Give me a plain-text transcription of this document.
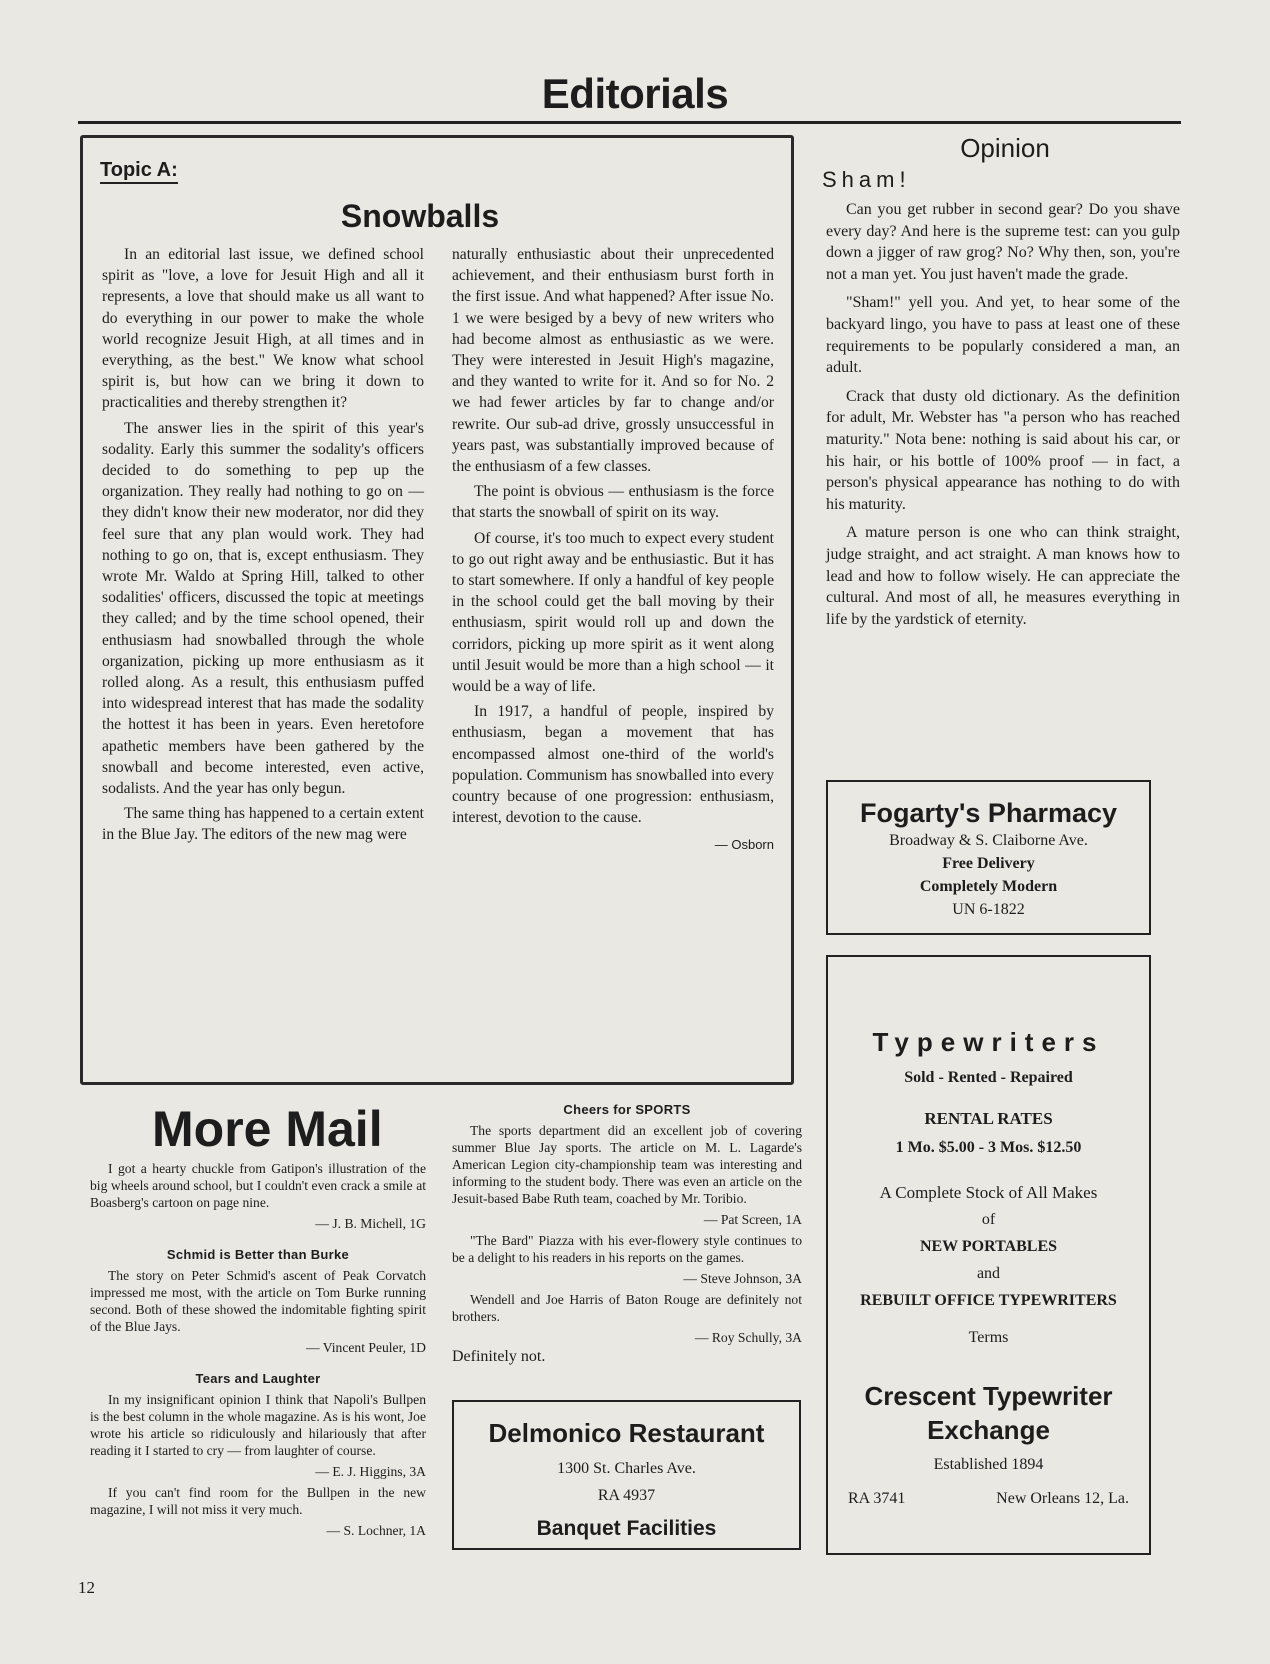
Editorials
Topic A:
Snowballs

In an editorial last issue, we defined school spirit as "love, a love for Jesuit High and all it represents, a love that should make us all want to do everything in our power to make the whole world recognize Jesuit High, at all times and in everything, as the best." We know what school spirit is, but how can we bring it down to practicalities and thereby strengthen it?

The answer lies in the spirit of this year's sodality. Early this summer the sodality's officers decided to do something to pep up the organization. They really had nothing to go on — they didn't know their new moderator, nor did they feel sure that any plan would work. They had nothing to go on, that is, except enthusiasm. They wrote Mr. Waldo at Spring Hill, talked to other sodalities' officers, discussed the topic at meetings they called; and by the time school opened, their enthusiasm had snowballed through the whole organization, picking up more enthusiasm as it rolled along. As a result, this enthusiasm puffed into widespread interest that has made the sodality the hottest it has been in years. Even heretofore apathetic members have been gathered by the snowball and become interested, even active, sodalists. And the year has only begun.

The same thing has happened to a certain extent in the Blue Jay. The editors of the new mag were

naturally enthusiastic about their unprecedented achievement, and their enthusiasm burst forth in the first issue. And what happened? After issue No. 1 we were besiged by a bevy of new writers who had become almost as enthusiastic as we were. They were interested in Jesuit High's magazine, and they wanted to write for it. And so for No. 2 we had fewer articles by far to change and/or rewrite. Our sub-ad drive, grossly unsuccessful in years past, was substantially improved because of the enthusiasm of a few classes.

The point is obvious — enthusiasm is the force that starts the snowball of spirit on its way.

Of course, it's too much to expect every student to go out right away and be enthusiastic. But it has to start somewhere. If only a handful of key people in the school could get the ball moving by their enthusiasm, spirit would roll up and down the corridors, picking up more spirit as it went along until Jesuit would be more than a high school — it would be a way of life.

In 1917, a handful of people, inspired by enthusiasm, began a movement that has encompassed almost one-third of the world's population. Communism has snowballed into every country because of one progression: enthusiasm, interest, devotion to the cause.

— Osborn
Opinion
Sham!

Can you get rubber in second gear? Do you shave every day? And here is the supreme test: can you gulp down a jigger of raw grog? No? Why then, son, you're not a man yet. You just haven't made the grade.

"Sham!" yell you. And yet, to hear some of the backyard lingo, you have to pass at least one of these requirements to be popularly considered a man, an adult.

Crack that dusty old dictionary. As the definition for adult, Mr. Webster has "a person who has reached maturity." Nota bene: nothing is said about his car, or his hair, or his bottle of 100% proof — in fact, a person's physical appearance has nothing to do with his maturity.

A mature person is one who can think straight, judge straight, and act straight. A man knows how to lead and how to follow wisely. He can appreciate the cultural. And most of all, he measures everything in life by the yardstick of eternity.

Fogarty's Pharmacy
Broadway & S. Claiborne Ave.
Free Delivery
Completely Modern
UN 6-1822
Typewriters
Sold - Rented - Repaired
RENTAL RATES
1 Mo. $5.00 - 3 Mos. $12.50
A Complete Stock of All Makes
of
NEW PORTABLES
and
REBUILT OFFICE TYPEWRITERS
Terms
Crescent Typewriter Exchange
Established 1894
RA 3741	New Orleans 12, La.
More Mail

I got a hearty chuckle from Gatipon's illustration of the big wheels around school, but I couldn't even crack a smile at Boasberg's cartoon on page nine.

— J. B. Michell, 1G

Schmid is Better than Burke

The story on Peter Schmid's ascent of Peak Corvatch impressed me most, with the article on Tom Burke running second. Both of these showed the indomitable fighting spirit of the Blue Jays.

— Vincent Peuler, 1D

Tears and Laughter

In my insignificant opinion I think that Napoli's Bullpen is the best column in the whole magazine. As is his wont, Joe wrote his article so ridiculously and hilariously that after reading it I started to cry — from laughter of course.

— E. J. Higgins, 3A

If you can't find room for the Bullpen in the new magazine, I will not miss it very much.

— S. Lochner, 1A

Cheers for SPORTS

The sports department did an excellent job of covering summer Blue Jay sports. The article on M. L. Lagarde's American Legion city-championship team was interesting and informing to the student body. There was even an article on the Jesuit-based Babe Ruth team, coached by Mr. Toribio.

— Pat Screen, 1A

"The Bard" Piazza with his ever-flowery style continues to be a delight to his readers in his reports on the games.

— Steve Johnson, 3A

Wendell and Joe Harris of Baton Rouge are definitely not brothers.

— Roy Schully, 3A

Definitely not.

Delmonico Restaurant
1300 St. Charles Ave.
RA 4937
Banquet Facilities
12
